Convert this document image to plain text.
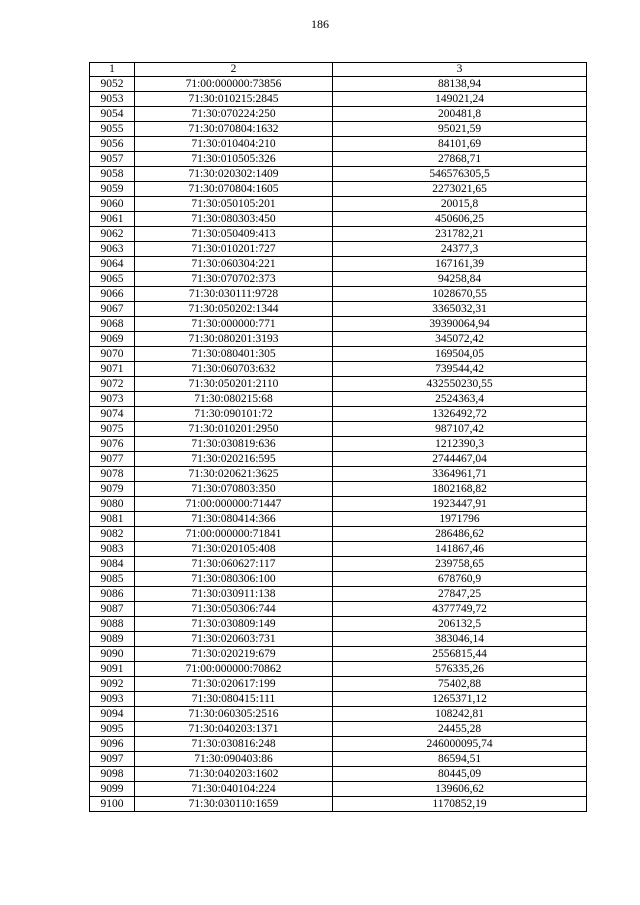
186
1	2	3
9052	71:00:000000:73856	88138,94
9053	71:30:010215:2845	149021,24
9054	71:30:070224:250	200481,8
9055	71:30:070804:1632	95021,59
9056	71:30:010404:210	84101,69
9057	71:30:010505:326	27868,71
9058	71:30:020302:1409	546576305,5
9059	71:30:070804:1605	2273021,65
9060	71:30:050105:201	20015,8
9061	71:30:080303:450	450606,25
9062	71:30:050409:413	231782,21
9063	71:30:010201:727	24377,3
9064	71:30:060304:221	167161,39
9065	71:30:070702:373	94258,84
9066	71:30:030111:9728	1028670,55
9067	71:30:050202:1344	3365032,31
9068	71:30:000000:771	39390064,94
9069	71:30:080201:3193	345072,42
9070	71:30:080401:305	169504,05
9071	71:30:060703:632	739544,42
9072	71:30:050201:2110	432550230,55
9073	71:30:080215:68	2524363,4
9074	71:30:090101:72	1326492,72
9075	71:30:010201:2950	987107,42
9076	71:30:030819:636	1212390,3
9077	71:30:020216:595	2744467,04
9078	71:30:020621:3625	3364961,71
9079	71:30:070803:350	1802168,82
9080	71:00:000000:71447	1923447,91
9081	71:30:080414:366	1971796
9082	71:00:000000:71841	286486,62
9083	71:30:020105:408	141867,46
9084	71:30:060627:117	239758,65
9085	71:30:080306:100	678760,9
9086	71:30:030911:138	27847,25
9087	71:30:050306:744	4377749,72
9088	71:30:030809:149	206132,5
9089	71:30:020603:731	383046,14
9090	71:30:020219:679	2556815,44
9091	71:00:000000:70862	576335,26
9092	71:30:020617:199	75402,88
9093	71:30:080415:111	1265371,12
9094	71:30:060305:2516	108242,81
9095	71:30:040203:1371	24455,28
9096	71:30:030816:248	246000095,74
9097	71:30:090403:86	86594,51
9098	71:30:040203:1602	80445,09
9099	71:30:040104:224	139606,62
9100	71:30:030110:1659	1170852,19
